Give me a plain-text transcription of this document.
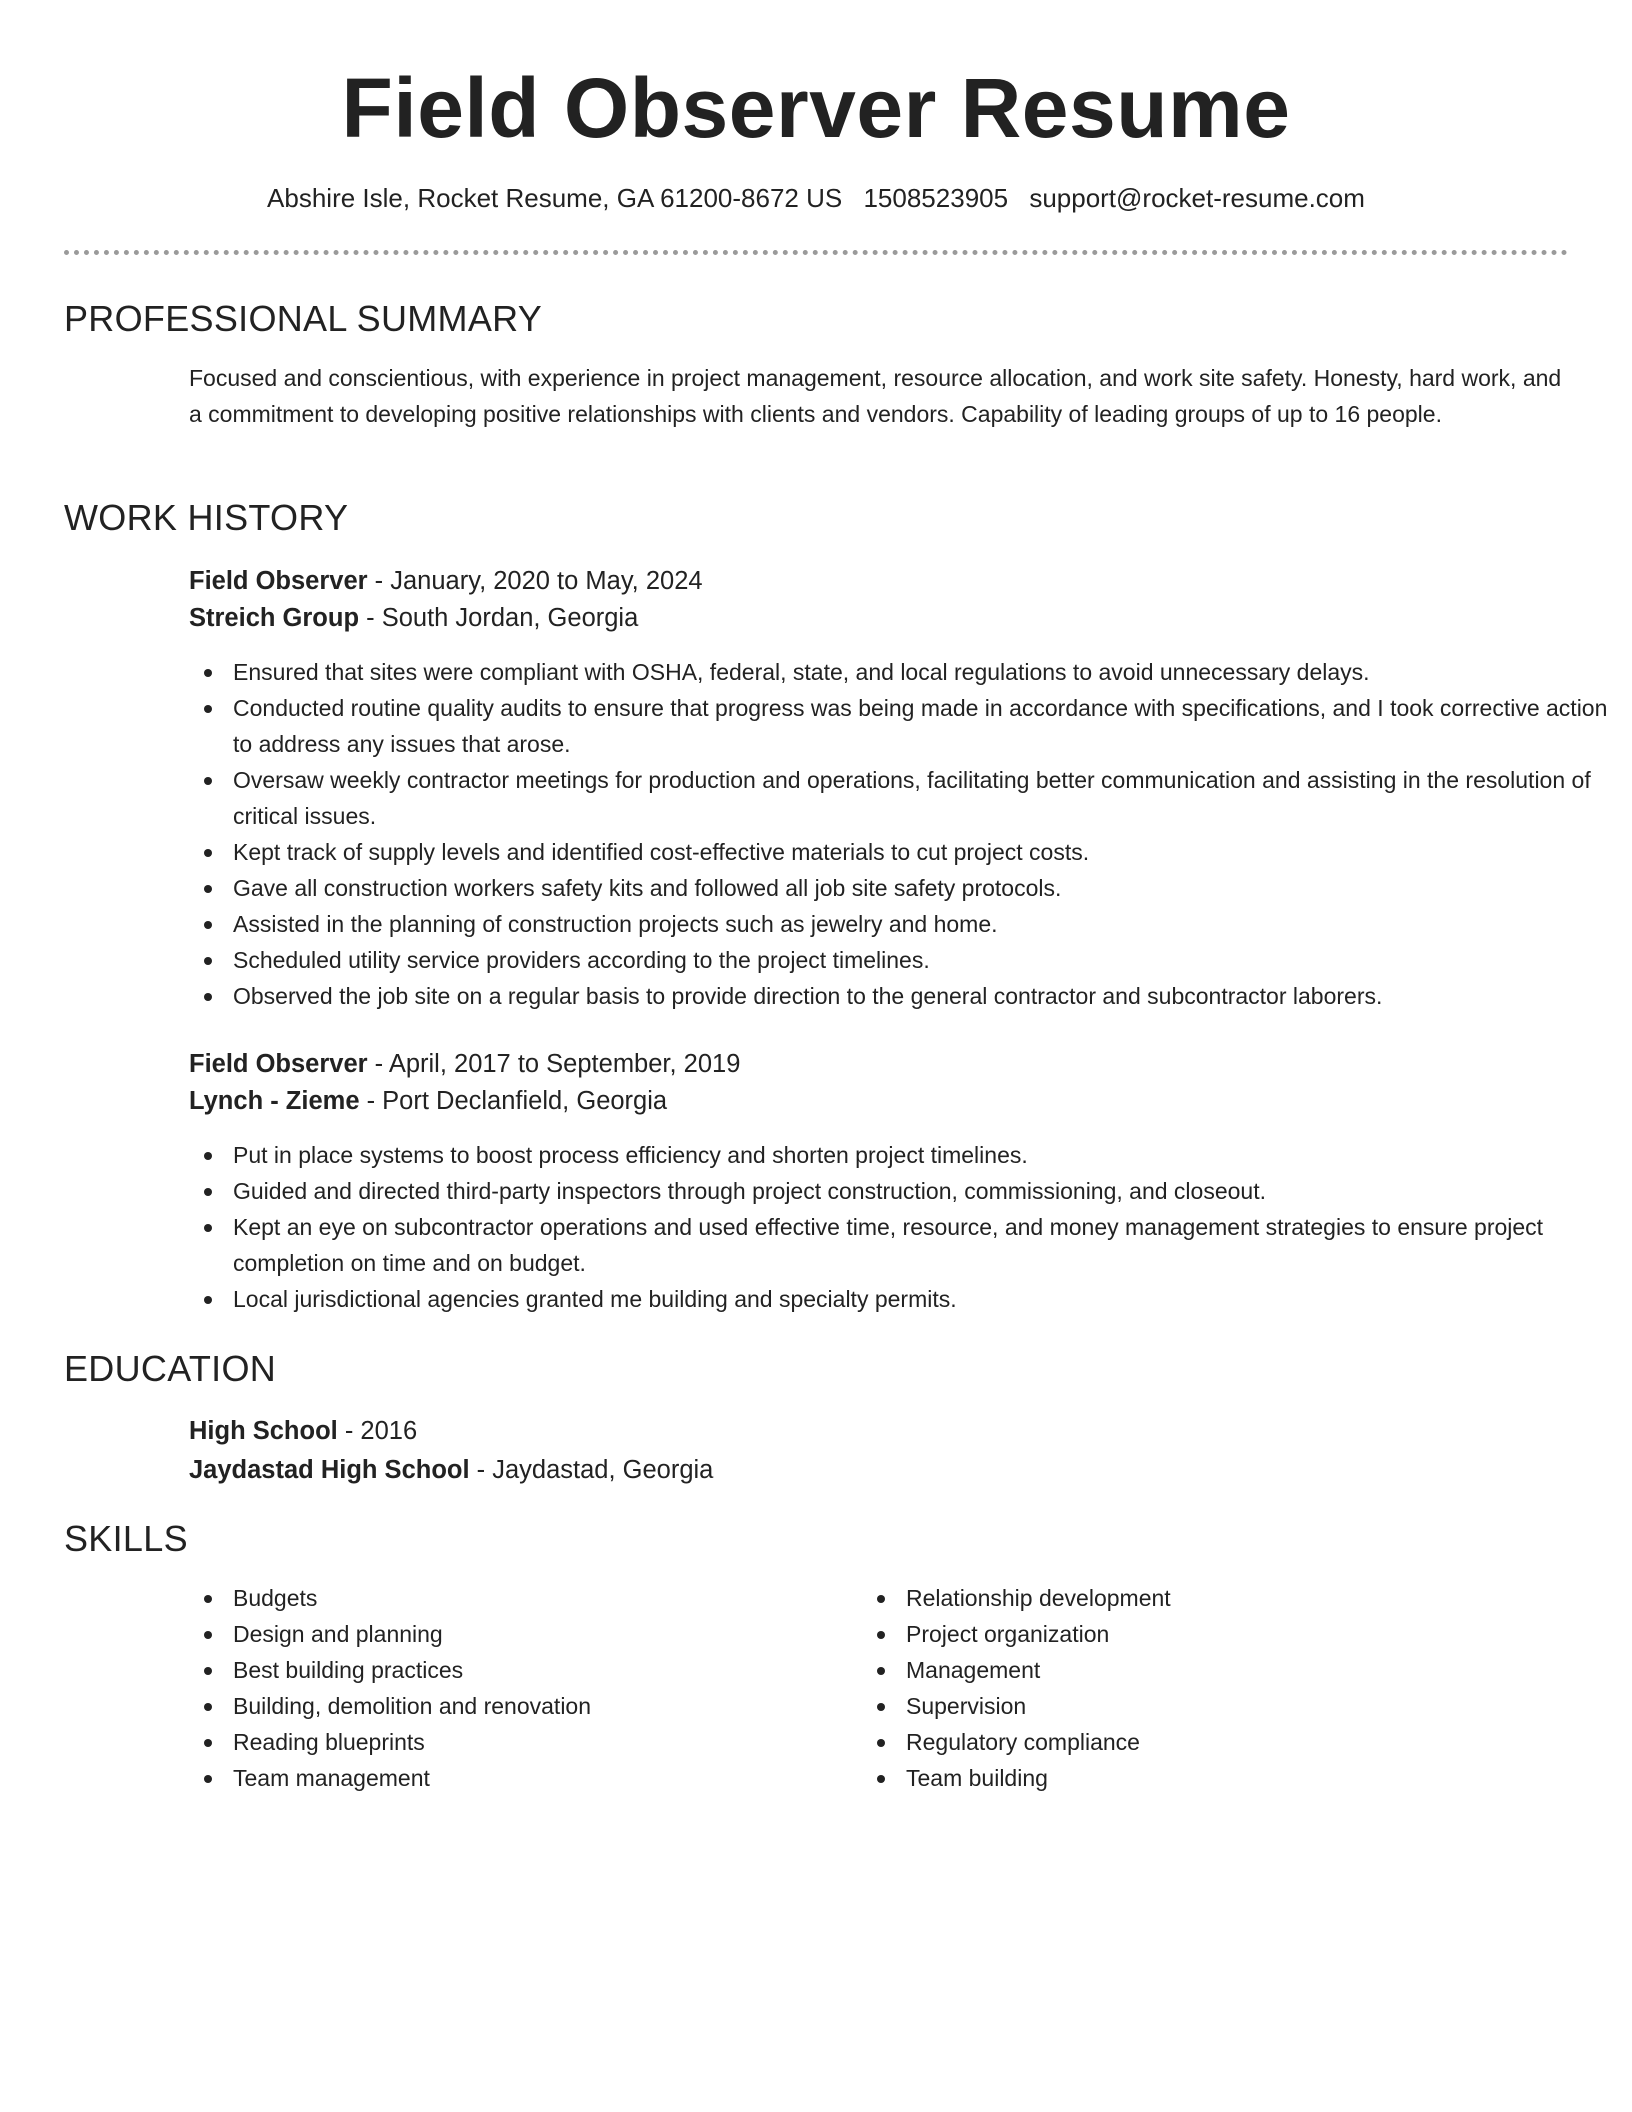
Field Observer Resume
Abshire Isle, Rocket Resume, GA 61200-8672 US 1508523905 support@rocket-resume.com
PROFESSIONAL SUMMARY
Focused and conscientious, with experience in project management, resource allocation, and work site safety. Honesty, hard work, and a commitment to developing positive relationships with clients and vendors. Capability of leading groups of up to 16 people.
WORK HISTORY
Field Observer - January, 2020 to May, 2024
Streich Group - South Jordan, Georgia
Ensured that sites were compliant with OSHA, federal, state, and local regulations to avoid unnecessary delays.
Conducted routine quality audits to ensure that progress was being made in accordance with specifications, and I took corrective action to address any issues that arose.
Oversaw weekly contractor meetings for production and operations, facilitating better communication and assisting in the resolution of critical issues.
Kept track of supply levels and identified cost-effective materials to cut project costs.
Gave all construction workers safety kits and followed all job site safety protocols.
Assisted in the planning of construction projects such as jewelry and home.
Scheduled utility service providers according to the project timelines.
Observed the job site on a regular basis to provide direction to the general contractor and subcontractor laborers.
Field Observer - April, 2017 to September, 2019
Lynch - Zieme - Port Declanfield, Georgia
Put in place systems to boost process efficiency and shorten project timelines.
Guided and directed third-party inspectors through project construction, commissioning, and closeout.
Kept an eye on subcontractor operations and used effective time, resource, and money management strategies to ensure project completion on time and on budget.
Local jurisdictional agencies granted me building and specialty permits.
EDUCATION
High School - 2016
Jaydastad High School - Jaydastad, Georgia
SKILLS
Budgets
Design and planning
Best building practices
Building, demolition and renovation
Reading blueprints
Team management
Relationship development
Project organization
Management
Supervision
Regulatory compliance
Team building
